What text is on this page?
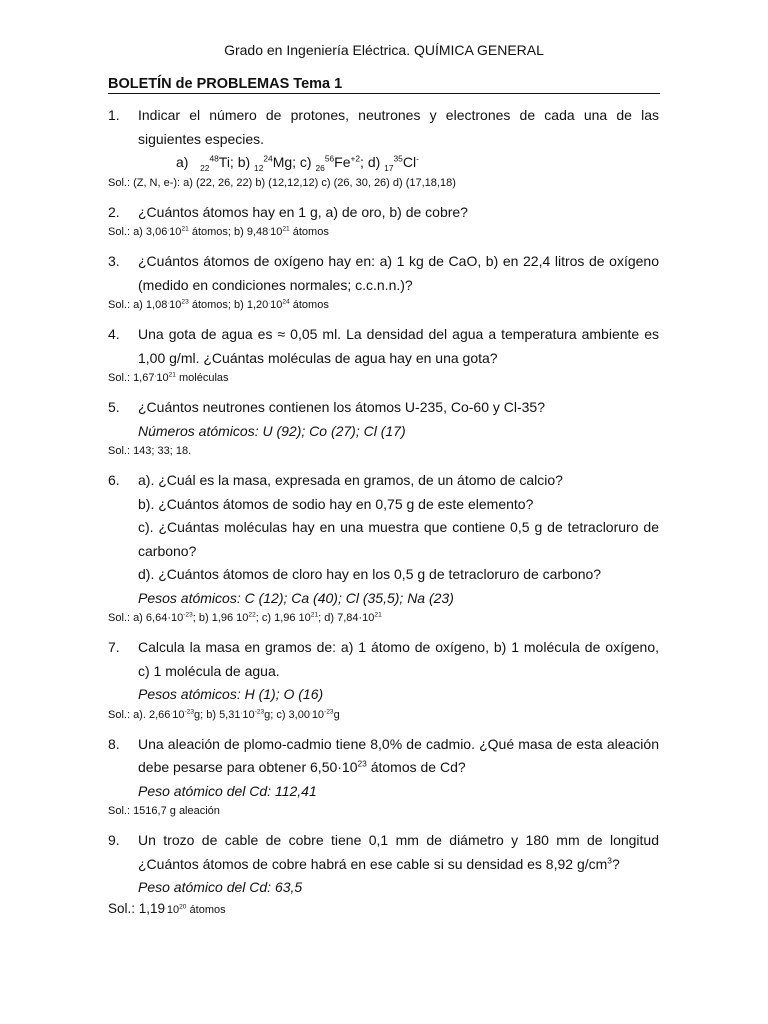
Grado en Ingeniería Eléctrica. QUÍMICA GENERAL
BOLETÍN de PROBLEMAS Tema 1
1. Indicar el número de protones, neutrones y electrones de cada una de las siguientes especies.
a) $_{22}^{48}$Ti; b) $_{12}^{24}$Mg; c) $_{26}^{56}Fe^{+2}$; d) $_{17}^{35}$Cl-
Sol.: (Z, N, e-): a) (22, 26, 22) b) (12,12,12) c) (26, 30, 26) d) (17,18,18)
2. ¿Cuántos átomos hay en 1 g, a) de oro, b) de cobre?
Sol.: a) $3,06^.10^{21}$ átomos; b) $9,48^.10^{21}$ átomos
3. ¿Cuántos átomos de oxígeno hay en: a) 1 kg de CaO, b) en 22,4 litros de oxígeno (medido en condiciones normales; c.c.n.n.)?
Sol.: a) $1,08^.10^{23}$ átomos; b) $1,20^.10^{24}$ átomos
4. Una gota de agua es ≈ 0,05 ml. La densidad del agua a temperatura ambiente es 1,00 g/ml. ¿Cuántas moléculas de agua hay en una gota?
Sol.: $1,67^.10^{21}$ moléculas
5. ¿Cuántos neutrones contienen los átomos U-235, Co-60 y Cl-35?
Números atómicos: U (92); Co (27); Cl (17)
Sol.: 143; 33; 18.
6. a). ¿Cuál es la masa, expresada en gramos, de un átomo de calcio?
b). ¿Cuántos átomos de sodio hay en 0,75 g de este elemento?
c). ¿Cuántas moléculas hay en una muestra que contiene 0,5 g de tetracloruro de carbono?
d). ¿Cuántos átomos de cloro hay en los 0,5 g de tetracloruro de carbono?
Pesos atómicos: C (12); Ca (40); Cl (35,5); Na (23)
Sol.: a) $6,64\cdot 10^{-23}$; b) 1,96 $10^{22}$; c) 1,96 $10^{21}$; d) $7,84\cdot 10^{21}$
7. Calcula la masa en gramos de: a) 1 átomo de oxígeno, b) 1 molécula de oxígeno, c) 1 molécula de agua.
Pesos atómicos: H (1); O (16)
Sol.: a). $2,66^.10^{-23}g$; b) $5,31^.10^{-23}g$; c) $3,00^.10^{-23}g$
8. Una aleación de plomo-cadmio tiene 8,0% de cadmio. ¿Qué masa de esta aleación debe pesarse para obtener $6,50\cdot 10^{23}$ átomos de Cd?
Peso atómico del Cd: 112,41
Sol.: 1516,7 g aleación
9. Un trozo de cable de cobre tiene 0,1 mm de diámetro y 180 mm de longitud ¿Cuántos átomos de cobre habrá en ese cable si su densidad es 8,92 $g/cm^3$?
Peso atómico del Cd: 63,5
Sol.: $1,19^.10^{20}$ átomos
